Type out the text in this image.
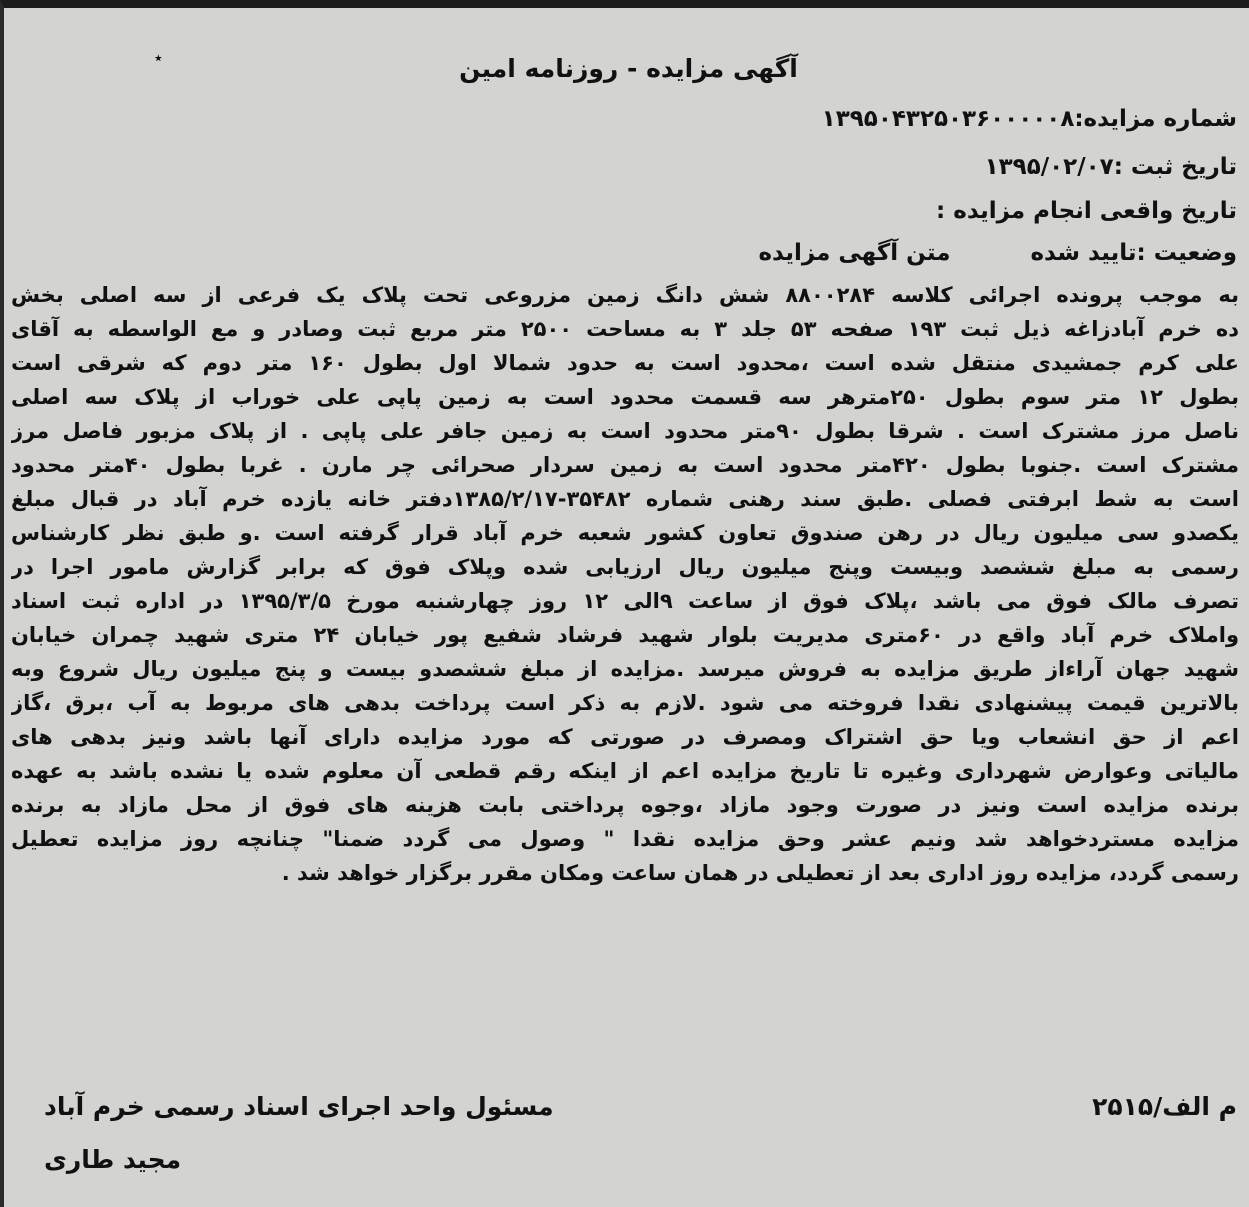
٭	آگهی مزایده - روزنامه امین
شماره مزایده:۱۳۹۵۰۴۳۲۵۰۳۶۰۰۰۰۰۸
تاریخ ثبت :۱۳۹۵/۰۲/۰۷
تاریخ واقعی انجام مزایده :
وضعیت :تایید شدهمتن آگهی مزایده
به موجب پرونده اجرائی کلاسه ۸۸۰۰۲۸۴ شش دانگ زمین مزروعی تحت پلاک یک فرعی از سه اصلی بخش
ده خرم آبادزاغه ذیل ثبت ۱۹۳ صفحه ۵۳ جلد ۳ به مساحت ۲۵۰۰ متر مربع ثبت وصادر و مع الواسطه به آقای
علی کرم جمشیدی منتقل شده است ،محدود است به حدود شمالا اول بطول ۱۶۰ متر دوم که شرقی است
بطول ۱۲ متر سوم بطول ۲۵۰مترهر سه قسمت محدود است به زمین پاپی علی خوراب از پلاک سه اصلی
ناصل مرز مشترک است . شرقا بطول ۹۰متر محدود است به زمین جافر علی پاپی . از پلاک مزبور فاصل مرز
مشترک است .جنوبا بطول ۴۲۰متر محدود است به زمین سردار صحرائی چر مارن . غربا بطول ۴۰متر محدود
است به شط ابرفتی فصلی .طبق سند رهنی شماره ۳۵۴۸۲-۱۳۸۵/۲/۱۷دفتر خانه یازده خرم آباد در قبال مبلغ
یکصدو سی میلیون ریال در رهن صندوق تعاون کشور شعبه خرم آباد قرار گرفته است .و طبق نظر کارشناس
رسمی به مبلغ ششصد وبیست وپنج میلیون ریال ارزیابی شده وپلاک فوق که برابر گزارش مامور اجرا در
تصرف مالک فوق می باشد ،پلاک فوق از ساعت ۹الی ۱۲ روز چهارشنبه مورخ ۱۳۹۵/۳/۵ در اداره ثبت اسناد
واملاک خرم آباد واقع در ۶۰متری مدیریت بلوار شهید فرشاد شفیع پور خیابان ۲۴ متری شهید چمران خیابان
شهید جهان آراءاز طریق مزایده به فروش میرسد .مزایده از مبلغ ششصدو بیست و پنج میلیون ریال شروع وبه
بالاترین قیمت پیشنهادی نقدا فروخته می شود .لازم به ذکر است پرداخت بدهی های مربوط به آب ،برق ،گاز
اعم از حق انشعاب ویا حق اشتراک ومصرف در صورتی که مورد مزایده دارای آنها باشد ونیز بدهی های
مالیاتی وعوارض شهرداری وغیره تا تاریخ مزایده اعم از اینکه رقم قطعی آن معلوم شده یا نشده باشد به عهده
برنده مزایده است ونیز در صورت وجود مازاد ،وجوه پرداختی بابت هزینه های فوق از محل مازاد به برنده
مزایده مستردخواهد شد ونیم عشر وحق مزایده نقدا " وصول می گردد ضمنا" چنانچه روز مزایده تعطیل
رسمی گردد، مزایده روز اداری بعد از تعطیلی در همان ساعت ومکان مقرر برگزار خواهد شد .
م الف/۲۵۱۵
مسئول واحد اجرای اسناد رسمی خرم آباد
مجید طاری
